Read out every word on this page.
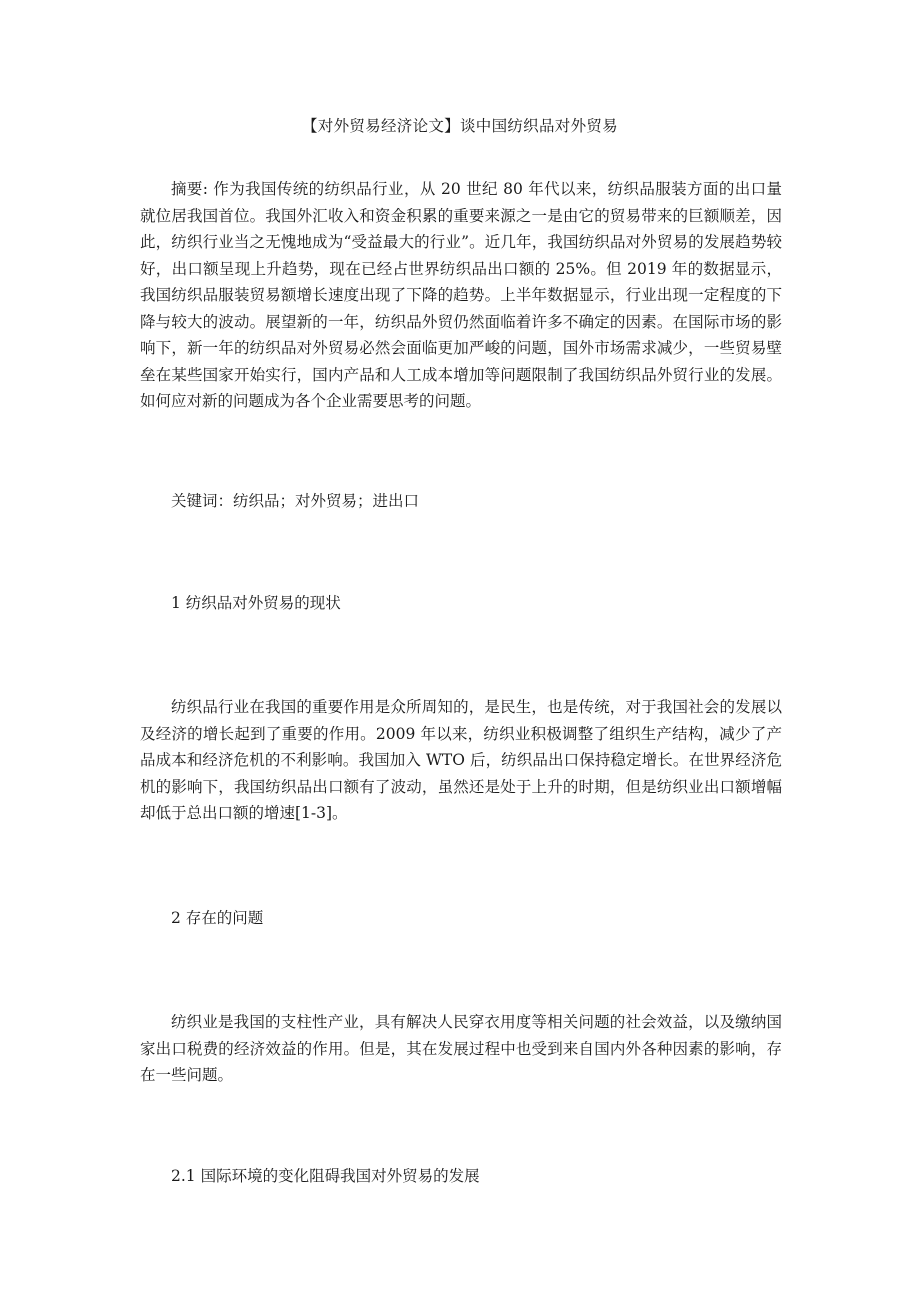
【对外贸易经济论文】谈中国纺织品对外贸易

摘要: 作为我国传统的纺织品行业，从 20 世纪 80 年代以来，纺织品服装方面的出口量就位居我国首位。我国外汇收入和资金积累的重要来源之一是由它的贸易带来的巨额顺差，因此，纺织行业当之无愧地成为“受益最大的行业”。近几年，我国纺织品对外贸易的发展趋势较好，出口额呈现上升趋势，现在已经占世界纺织品出口额的 25%。但 2019 年的数据显示，我国纺织品服装贸易额增长速度出现了下降的趋势。上半年数据显示，行业出现一定程度的下降与较大的波动。展望新的一年，纺织品外贸仍然面临着许多不确定的因素。在国际市场的影响下，新一年的纺织品对外贸易必然会面临更加严峻的问题，国外市场需求减少，一些贸易壁垒在某些国家开始实行，国内产品和人工成本增加等问题限制了我国纺织品外贸行业的发展。如何应对新的问题成为各个企业需要思考的问题。

关键词：纺织品；对外贸易；进出口

1 纺织品对外贸易的现状

纺织品行业在我国的重要作用是众所周知的，是民生，也是传统，对于我国社会的发展以及经济的增长起到了重要的作用。2009 年以来，纺织业积极调整了组织生产结构，减少了产品成本和经济危机的不利影响。我国加入 WTO 后，纺织品出口保持稳定增长。在世界经济危机的影响下，我国纺织品出口额有了波动，虽然还是处于上升的时期，但是纺织业出口额增幅却低于总出口额的增速[1-3]。

2 存在的问题

纺织业是我国的支柱性产业，具有解决人民穿衣用度等相关问题的社会效益，以及缴纳国家出口税费的经济效益的作用。但是，其在发展过程中也受到来自国内外各种因素的影响，存在一些问题。

2.1 国际环境的变化阻碍我国对外贸易的发展
